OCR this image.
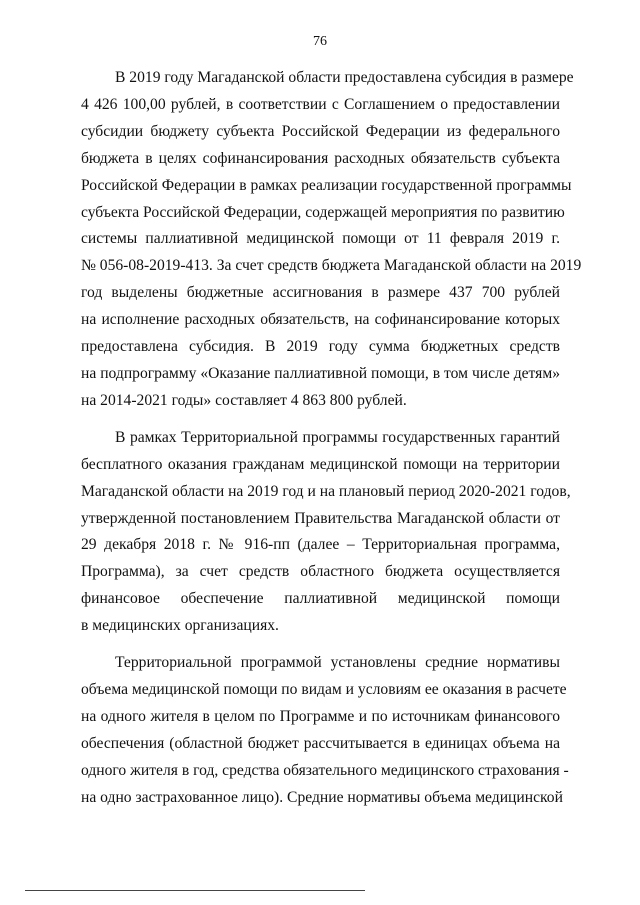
76

В 2019 году Магаданской области предоставлена субсидия в размере
4 426 100,00 рублей, в соответствии с Соглашением о предоставлении
субсидии бюджету субъекта Российской Федерации из федерального
бюджета в целях софинансирования расходных обязательств субъекта
Российской Федерации в рамках реализации государственной программы
субъекта Российской Федерации, содержащей мероприятия по развитию
системы паллиативной медицинской помощи от 11 февраля 2019 г.
№ 056-08-2019-413. За счет средств бюджета Магаданской области на 2019
год выделены бюджетные ассигнования в размере 437 700 рублей
на исполнение расходных обязательств, на софинансирование которых
предоставлена субсидия. В 2019 году сумма бюджетных средств
на подпрограмму «Оказание паллиативной помощи, в том числе детям»
на 2014-2021 годы» составляет 4 863 800 рублей.

В рамках Территориальной программы государственных гарантий
бесплатного оказания гражданам медицинской помощи на территории
Магаданской области на 2019 год и на плановый период 2020-2021 годов,
утвержденной постановлением Правительства Магаданской области от
29 декабря 2018 г. № 916-пп (далее – Территориальная программа,
Программа), за счет средств областного бюджета осуществляется
финансовое обеспечение паллиативной медицинской помощи
в медицинских организациях.

Территориальной программой установлены средние нормативы
объема медицинской помощи по видам и условиям ее оказания в расчете
на одного жителя в целом по Программе и по источникам финансового
обеспечения (областной бюджет рассчитывается в единицах объема на
одного жителя в год, средства обязательного медицинского страхования -
на одно застрахованное лицо). Средние нормативы объема медицинской
